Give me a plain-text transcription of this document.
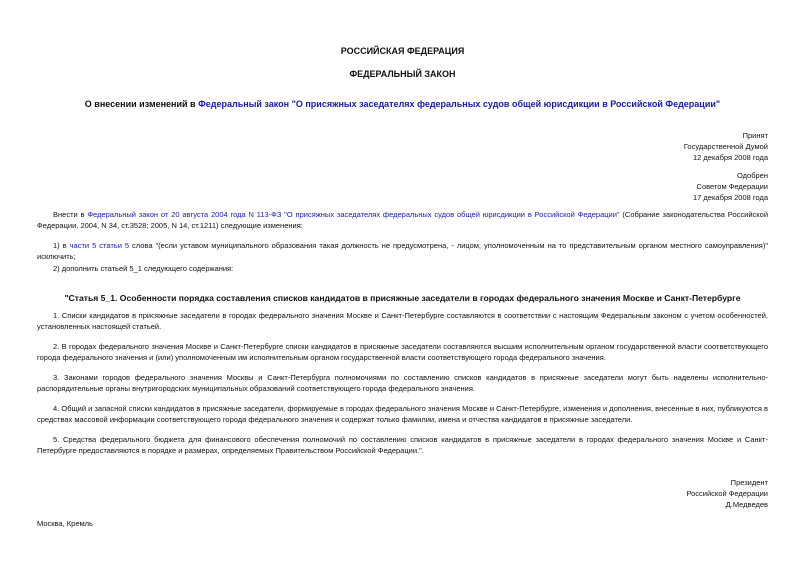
РОССИЙСКАЯ ФЕДЕРАЦИЯ
ФЕДЕРАЛЬНЫЙ ЗАКОН
О внесении изменений в Федеральный закон "О присяжных заседателях федеральных судов общей юрисдикции в Российской Федерации"
Принят
Государственной Думой
12 декабря 2008 года
Одобрен
Советом Федерации
17 декабря 2008 года
Внести в Федеральный закон от 20 августа 2004 года N 113-ФЗ "О присяжных заседателях федеральных судов общей юрисдикции в Российской Федерации" (Собрание законодательства Российской Федерации, 2004, N 34, ст.3528; 2005, N 14, ст.1211) следующие изменения:
1) в части 5 статьи 5 слова "(если уставом муниципального образования такая должность не предусмотрена, - лицом, уполномоченным на то представительным органом местного самоуправления)" исключить;
2) дополнить статьей 5_1 следующего содержания:
"Статья 5_1. Особенности порядка составления списков кандидатов в присяжные заседатели в городах федерального значения Москве и Санкт-Петербурге
1. Списки кандидатов в присяжные заседатели в городах федерального значения Москве и Санкт-Петербурге составляются в соответствии с настоящим Федеральным законом с учетом особенностей, установленных настоящей статьей.
2. В городах федерального значения Москве и Санкт-Петербурге списки кандидатов в присяжные заседатели составляются высшим исполнительным органом государственной власти соответствующего города федерального значения и (или) уполномоченным им исполнительным органом государственной власти соответствующего города федерального значения.
3. Законами городов федерального значения Москвы и Санкт-Петербурга полномочиями по составлению списков кандидатов в присяжные заседатели могут быть наделены исполнительно-распорядительные органы внутригородских муниципальных образований соответствующего города федерального значения.
4. Общий и запасной списки кандидатов в присяжные заседатели, формируемые в городах федерального значения Москве и Санкт-Петербурге, изменения и дополнения, внесенные в них, публикуются в средствах массовой информации соответствующего города федерального значения и содержат только фамилии, имена и отчества кандидатов в присяжные заседатели.
5. Средства федерального бюджета для финансового обеспечения полномочий по составлению списков кандидатов в присяжные заседатели в городах федерального значения Москве и Санкт-Петербурге предоставляются в порядке и размерах, определяемых Правительством Российской Федерации.".
Президент
Российской Федерации
Д.Медведев
Москва, Кремль
